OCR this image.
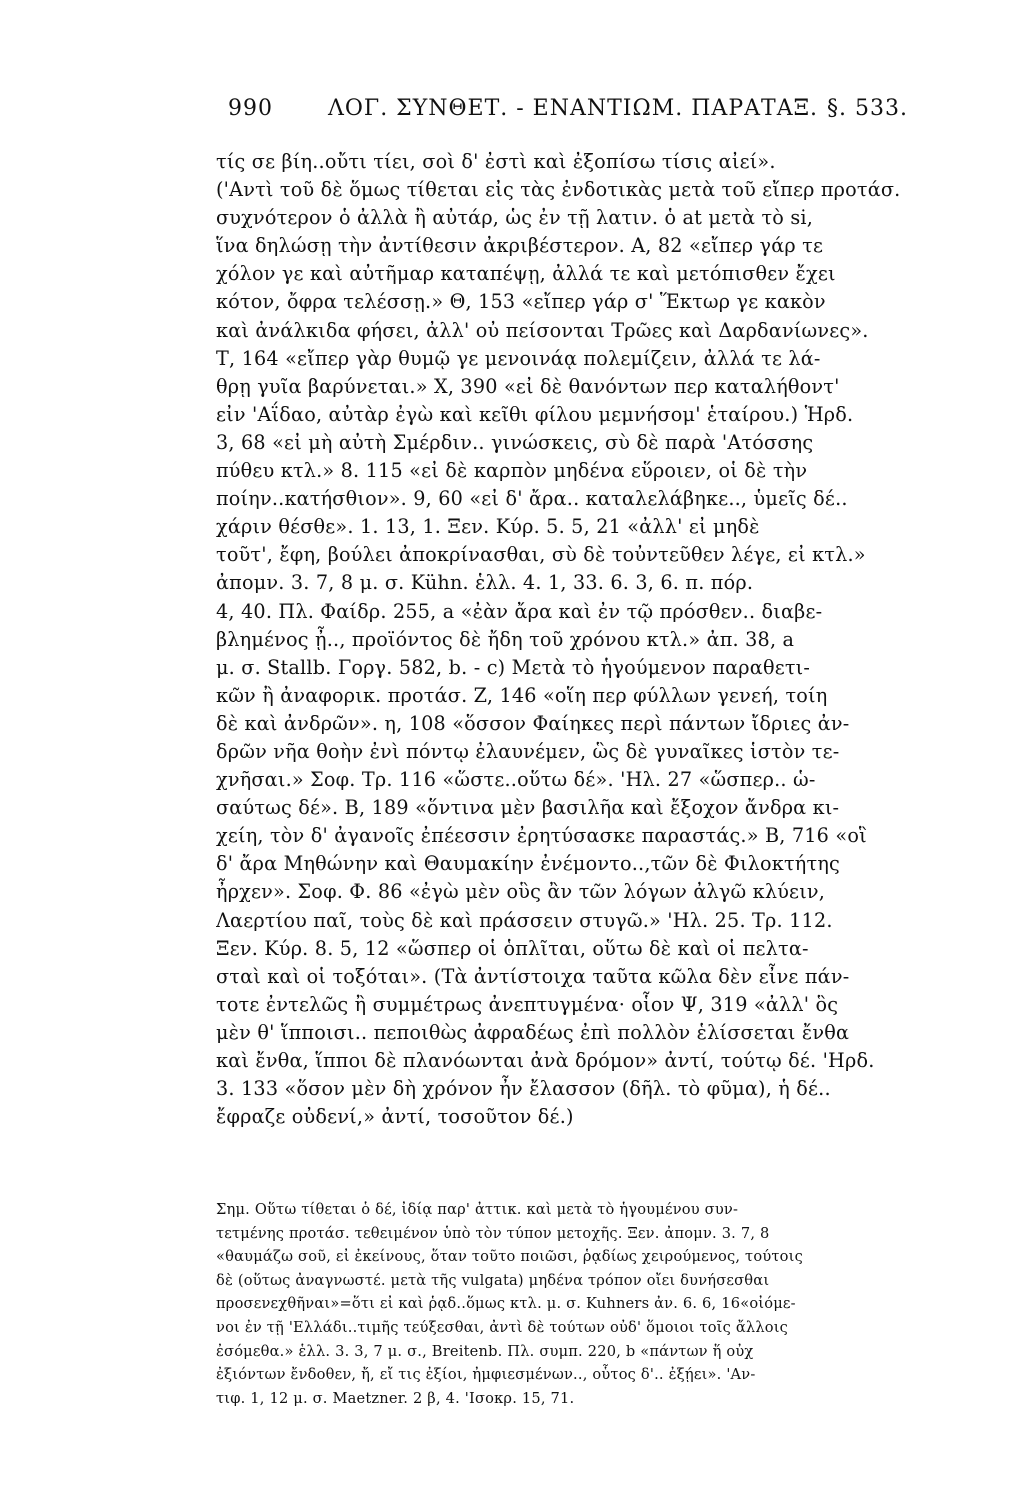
990	ΛΟΓ. ΣΥΝΘΕΤ. - ΕΝΑΝΤΙΩΜ. ΠΑΡΑΤΑΞ. §. 533.
τίς σε βίη..οὔτι τίει, σοὶ δ' ἐστὶ καὶ ἐξοπίσω τίσις αἰεί».
('Αντὶ τοῦ δὲ ὅμως τίθεται εἰς τὰς ἐνδοτικὰς μετὰ τοῦ εἴπερ προτάσ.
συχνότερον ὁ ἀλλὰ ἢ αὐτάρ, ὡς ἐν τῇ λατιν. ὁ at μετὰ τὸ si,
ἵνα δηλώσῃ τὴν ἀντίθεσιν ἀκριβέστερον. A, 82 «εἴπερ γάρ τε
χόλον γε καὶ αὐτῆμαρ καταπέψῃ, ἀλλά τε καὶ μετόπισθεν ἔχει
κότον, ὄφρα τελέσσῃ.» Θ, 153 «εἴπερ γάρ σ' Ἕκτωρ γε κακὸν
καὶ ἀνάλκιδα φήσει, ἀλλ' οὐ πείσονται Τρῶες καὶ Δαρδανίωνες».
Τ, 164 «εἴπερ γὰρ θυμῷ γε μενοινάᾳ πολεμίζειν, ἀλλά τε λά-
θρῃ γυῖα βαρύνεται.» Χ, 390 «εἰ δὲ θανόντων περ καταλήθοντ'
εἰν 'Αΐδαο, αὐτὰρ ἐγὼ καὶ κεῖθι φίλου μεμνήσομ' ἑταίρου.) Ἡρδ.
3, 68 «εἰ μὴ αὐτὴ Σμέρδιν.. γινώσκεις, σὺ δὲ παρὰ 'Ατόσσης
πύθευ κτλ.» 8. 115 «εἰ δὲ καρπὸν μηδένα εὕροιεν, οἱ δὲ τὴν
ποίην..κατήσθιον». 9, 60 «εἰ δ' ἄρα.. καταλελάβηκε.., ὑμεῖς δέ..
χάριν θέσθε». 1. 13, 1. Ξεν. Κύρ. 5. 5, 21 «ἀλλ' εἰ μηδὲ
τοῦτ', ἔφη, βούλει ἀποκρίνασθαι, σὺ δὲ τοὐντεῦθεν λέγε, εἰ κτλ.»
ἀπομν. 3. 7, 8 μ. σ. Kühn. ἑλλ. 4. 1, 33. 6. 3, 6. π. πόρ.
4, 40. Πλ. Φαίδρ. 255, a «ἐὰν ἄρα καὶ ἐν τῷ πρόσθεν.. διαβε-
βλημένος ᾖ.., προϊόντος δὲ ἤδη τοῦ χρόνου κτλ.» ἀπ. 38, a
μ. σ. Stallb. Γοργ. 582, b. - c) Μετὰ τὸ ἡγούμενον παραθετι-
κῶν ἢ ἀναφορικ. προτάσ. Z, 146 «οἵη περ φύλλων γενεή, τοίη
δὲ καὶ ἀνδρῶν». η, 108 «ὅσσον Φαίηκες περὶ πάντων ἴδριες ἀν-
δρῶν νῆα θοὴν ἐνὶ πόντῳ ἐλαυνέμεν, ὣς δὲ γυναῖκες ἱστὸν τε-
χνῆσαι.» Σοφ. Τρ. 116 «ὥστε..οὕτω δέ». 'Ηλ. 27 «ὥσπερ.. ὡ-
σαύτως δέ». B, 189 «ὅντινα μὲν βασιλῆα καὶ ἔξοχον ἄνδρα κι-
χείη, τὸν δ' ἀγανοῖς ἐπέεσσιν ἐρητύσασκε παραστάς.» B, 716 «οἳ
δ' ἄρα Μηθώνην καὶ Θαυμακίην ἐνέμοντο..,τῶν δὲ Φιλοκτήτης
ἦρχεν». Σοφ. Φ. 86 «ἐγὼ μὲν οὓς ἂν τῶν λόγων ἀλγῶ κλύειν,
Λαερτίου παῖ, τοὺς δὲ καὶ πράσσειν στυγῶ.» 'Ηλ. 25. Τρ. 112.
Ξεν. Κύρ. 8. 5, 12 «ὥσπερ οἱ ὁπλῖται, οὕτω δὲ καὶ οἱ πελτα-
σταὶ καὶ οἱ τοξόται». (Τὰ ἀντίστοιχα ταῦτα κῶλα δὲν εἶνε πάν-
τοτε ἐντελῶς ἢ συμμέτρως ἀνεπτυγμένα· οἷον Ψ, 319 «ἀλλ' ὃς
μὲν θ' ἵπποισι.. πεποιθὼς ἀφραδέως ἐπὶ πολλὸν ἑλίσσεται ἔνθα
καὶ ἔνθα, ἵπποι δὲ πλανόωνται ἀνὰ δρόμον» ἀντί, τούτῳ δέ. 'Ηρδ.
3. 133 «ὅσον μὲν δὴ χρόνον ἦν ἔλασσον (δῆλ. τὸ φῦμα), ἡ δέ..
ἔφραζε οὐδενί,» ἀντί, τοσοῦτον δέ.)
Σημ. Οὕτω τίθεται ὁ δέ, ἰδίᾳ παρ' ἀττικ. καὶ μετὰ τὸ ἡγουμένου συν-
τετμένης προτάσ. τεθειμένον ὑπὸ τὸν τύπον μετοχῆς. Ξεν. ἀπομν. 3. 7, 8
«θαυμάζω σοῦ, εἰ ἐκείνους, ὅταν τοῦτο ποιῶσι, ῥᾳδίως χειρούμενος, τούτοις
δὲ (οὕτως ἀναγνωστέ. μετὰ τῆς vulgata) μηδένα τρόπον οἴει δυνήσεσθαι
προσενεχθῆναι»=ὅτι εἰ καὶ ῥᾳδ..ὅμως κτλ. μ. σ. Kuhners ἀν. 6. 6, 16«οἰόμε-
νοι ἐν τῇ 'Ελλάδι..τιμῆς τεύξεσθαι, ἀντὶ δὲ τούτων οὐδ' ὅμοιοι τοῖς ἄλλοις
ἐσόμεθα.» ἑλλ. 3. 3, 7 μ. σ., Breitenb. Πλ. συμπ. 220, b «πάντων ἥ οὐχ
ἐξιόντων ἔνδοθεν, ἤ, εἴ τις ἐξίοι, ἠμφιεσμένων.., οὗτος δ'.. ἐξῄει». 'Αν-
τιφ. 1, 12 μ. σ. Maetzner. 2 β, 4. 'Ισοκρ. 15, 71.
